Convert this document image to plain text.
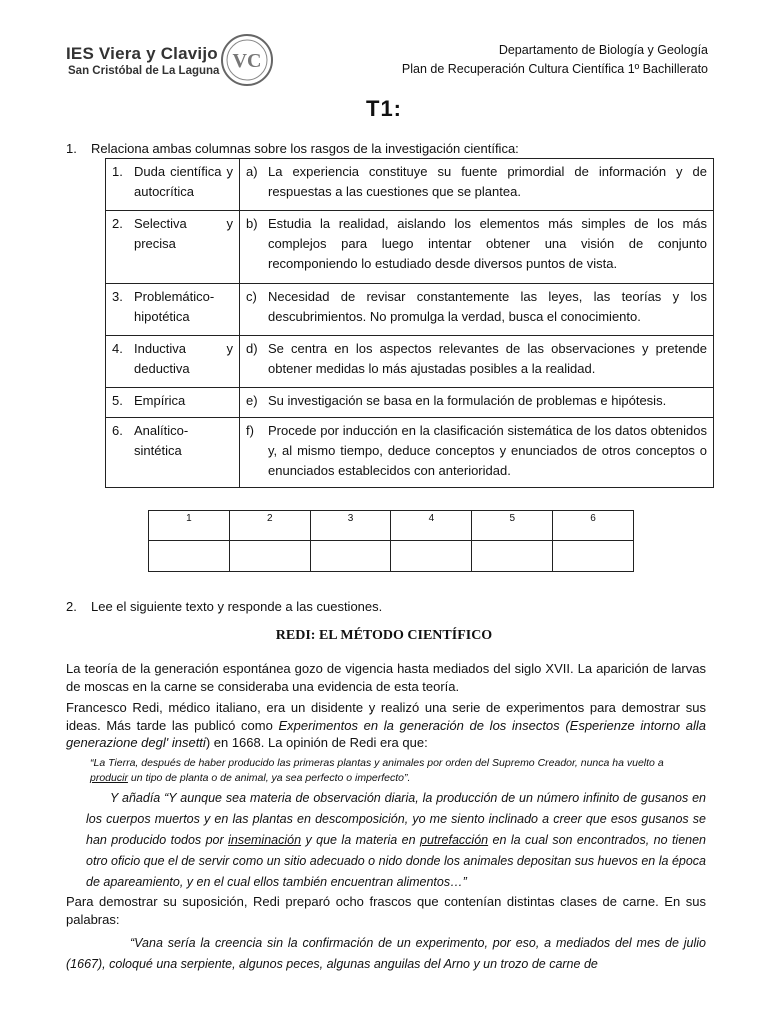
IES Viera y Clavijo
San Cristóbal de La Laguna VC	Departamento de Biología y Geología
Plan de Recuperación Cultura Científica 1º Bachillerato
T1:
1. Relaciona ambas columnas sobre los rasgos de la investigación científica:
1. Duda científica y autocrítica	a) La experiencia constituye su fuente primordial de información y de respuestas a las cuestiones que se plantea.

2. Selectiva y precisa	b) Estudia la realidad, aislando los elementos más simples de los más complejos para luego intentar obtener una visión de conjunto recomponiendo lo estudiado desde diversos puntos de vista.

3. Problemático-hipotética	c) Necesidad de revisar constantemente las leyes, las teorías y los descubrimientos. No promulga la verdad, busca el conocimiento.

4. Inductiva y deductiva	d) Se centra en los aspectos relevantes de las observaciones y pretende obtener medidas lo más ajustadas posibles a la realidad.

5. Empírica	e) Su investigación se basa en la formulación de problemas e hipótesis.

6. Analítico-sintética	f) Procede por inducción en la clasificación sistemática de los datos obtenidos y, al mismo tiempo, deduce conceptos y enunciados de otros conceptos o enunciados establecidos con anterioridad.
1	2	3	4	5	6

2. Lee el siguiente texto y responde a las cuestiones.
REDI: EL MÉTODO CIENTÍFICO
La teoría de la generación espontánea gozo de vigencia hasta mediados del siglo XVII. La aparición de larvas de moscas en la carne se consideraba una evidencia de esta teoría.
Francesco Redi, médico italiano, era un disidente y realizó una serie de experimentos para demostrar sus ideas. Más tarde las publicó como Experimentos en la generación de los insectos (Esperienze intorno alla generazione degl' insetti) en 1668. La opinión de Redi era que:
“La Tierra, después de haber producido las primeras plantas y animales por orden del Supremo Creador, nunca ha vuelto a producir un tipo de planta o de animal, ya sea perfecto o imperfecto”.
Y añadía “Y aunque sea materia de observación diaria, la producción de un número infinito de gusanos en los cuerpos muertos y en las plantas en descomposición, yo me siento inclinado a creer que esos gusanos se han producido todos por inseminación y que la materia en putrefacción en la cual son encontrados, no tienen otro oficio que el de servir como un sitio adecuado o nido donde los animales depositan sus huevos en la época de apareamiento, y en el cual ellos también encuentran alimentos…”
Para demostrar su suposición, Redi preparó ocho frascos que contenían distintas clases de carne. En sus palabras:
“Vana sería la creencia sin la confirmación de un experimento, por eso, a mediados del mes de julio (1667), coloqué una serpiente, algunos peces, algunas anguilas del Arno y un trozo de carne de
